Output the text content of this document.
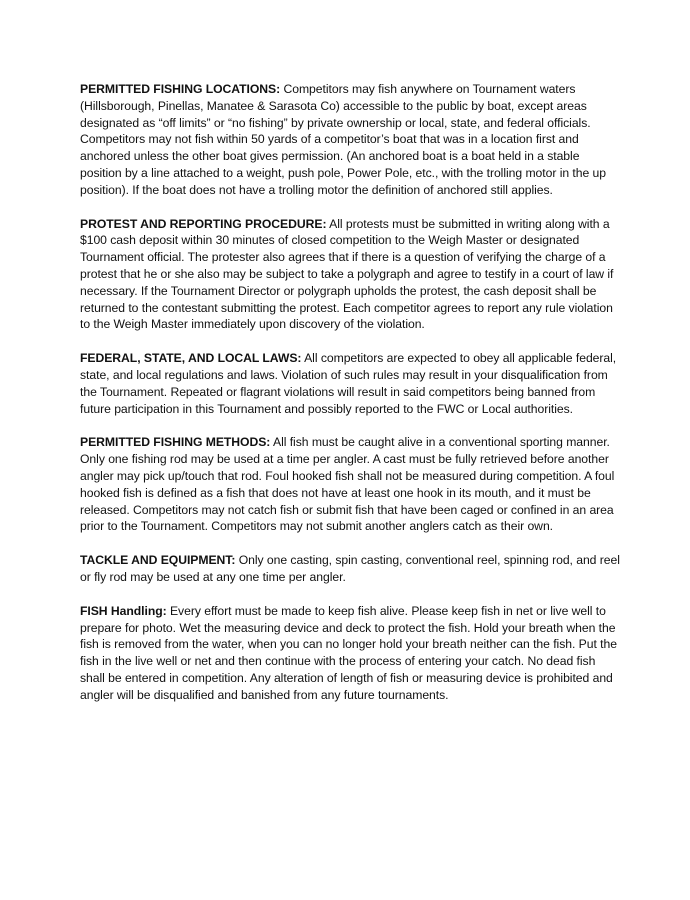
PERMITTED FISHING LOCATIONS: Competitors may fish anywhere on Tournament waters (Hillsborough, Pinellas, Manatee & Sarasota Co) accessible to the public by boat, except areas designated as “off limits” or “no fishing” by private ownership or local, state, and federal officials. Competitors may not fish within 50 yards of a competitor’s boat that was in a location first and anchored unless the other boat gives permission. (An anchored boat is a boat held in a stable position by a line attached to a weight, push pole, Power Pole, etc., with the trolling motor in the up position). If the boat does not have a trolling motor the definition of anchored still applies.

PROTEST AND REPORTING PROCEDURE: All protests must be submitted in writing along with a $100 cash deposit within 30 minutes of closed competition to the Weigh Master or designated Tournament official. The protester also agrees that if there is a question of verifying the charge of a protest that he or she also may be subject to take a polygraph and agree to testify in a court of law if necessary. If the Tournament Director or polygraph upholds the protest, the cash deposit shall be returned to the contestant submitting the protest. Each competitor agrees to report any rule violation to the Weigh Master immediately upon discovery of the violation.

FEDERAL, STATE, AND LOCAL LAWS: All competitors are expected to obey all applicable federal, state, and local regulations and laws. Violation of such rules may result in your disqualification from the Tournament. Repeated or flagrant violations will result in said competitors being banned from future participation in this Tournament and possibly reported to the FWC or Local authorities.

PERMITTED FISHING METHODS: All fish must be caught alive in a conventional sporting manner. Only one fishing rod may be used at a time per angler. A cast must be fully retrieved before another angler may pick up/touch that rod. Foul hooked fish shall not be measured during competition. A foul hooked fish is defined as a fish that does not have at least one hook in its mouth, and it must be released. Competitors may not catch fish or submit fish that have been caged or confined in an area prior to the Tournament. Competitors may not submit another anglers catch as their own.

TACKLE AND EQUIPMENT: Only one casting, spin casting, conventional reel, spinning rod, and reel or fly rod may be used at any one time per angler.

FISH Handling: Every effort must be made to keep fish alive. Please keep fish in net or live well to prepare for photo. Wet the measuring device and deck to protect the fish. Hold your breath when the fish is removed from the water, when you can no longer hold your breath neither can the fish. Put the fish in the live well or net and then continue with the process of entering your catch. No dead fish shall be entered in competition. Any alteration of length of fish or measuring device is prohibited and angler will be disqualified and banished from any future tournaments.
